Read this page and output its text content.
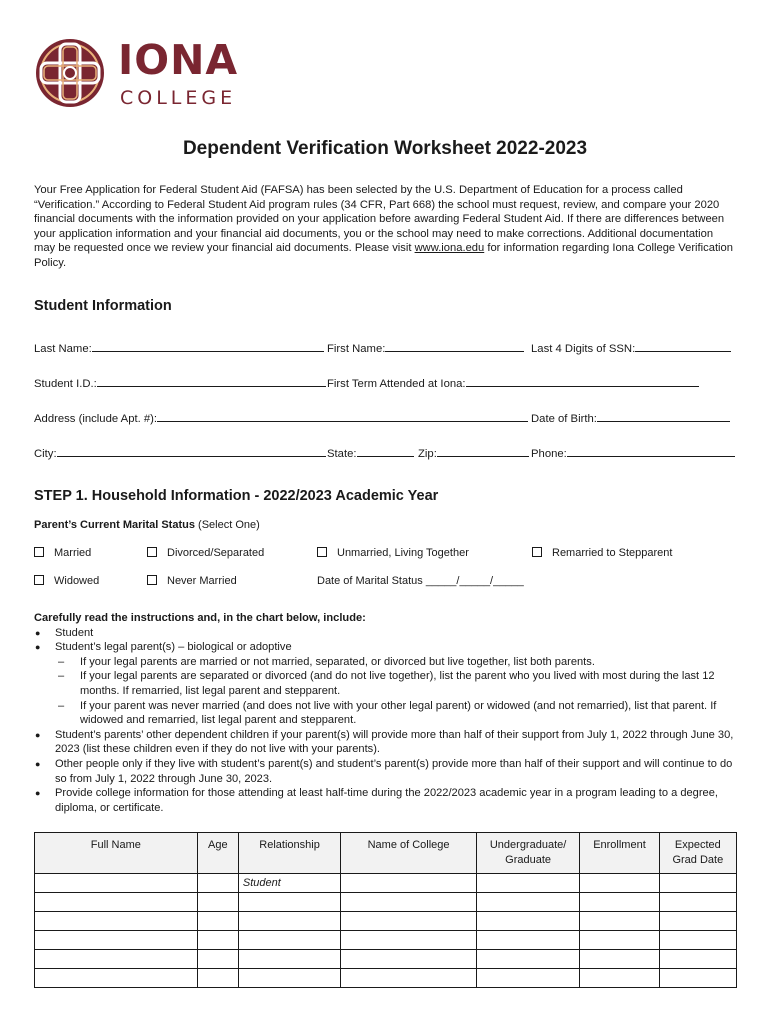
IONA
COLLEGE
Dependent Verification Worksheet 2022-2023
Your Free Application for Federal Student Aid (FAFSA) has been selected by the U.S. Department of Education for a process called “Verification.” According to Federal Student Aid program rules (34 CFR, Part 668) the school must request, review, and compare your 2020 financial documents with the information provided on your application before awarding Federal Student Aid. If there are differences between your application information and your financial aid documents, you or the school may need to make corrections. Additional documentation may be requested once we review your financial aid documents. Please visit www.iona.edu for information regarding Iona College Verification Policy.
Student Information
Last Name:	First Name:	Last 4 Digits of SSN:
Student I.D.:	First Term Attended at Iona:
Address (include Apt. #):	Date of Birth:
City:	State:	Zip:	Phone:
STEP 1. Household Information - 2022/2023 Academic Year
Parent’s Current Marital Status (Select One)
Married	Divorced/Separated	Unmarried, Living Together	Remarried to Stepparent
Widowed	Never Married	Date of Marital Status _____/_____/_____
Carefully read the instructions and, in the chart below, include:
● Student
● Student’s legal parent(s) – biological or adoptive
– If your legal parents are married or not married, separated, or divorced but live together, list both parents.
– If your legal parents are separated or divorced (and do not live together), list the parent who you lived with most during the last 12 months. If remarried, list legal parent and stepparent.
– If your parent was never married (and does not live with your other legal parent) or widowed (and not remarried), list that parent. If widowed and remarried, list legal parent and stepparent.
● Student’s parents’ other dependent children if your parent(s) will provide more than half of their support from July 1, 2022 through June 30, 2023 (list these children even if they do not live with your parents).
● Other people only if they live with student’s parent(s) and student’s parent(s) provide more than half of their support and will continue to do so from July 1, 2022 through June 30, 2023.
● Provide college information for those attending at least half-time during the 2022/2023 academic year in a program leading to a degree, diploma, or certificate.
Full Name	Age	Relationship	Name of College	Undergraduate/ Graduate	Enrollment	Expected Grad Date
		Student				
